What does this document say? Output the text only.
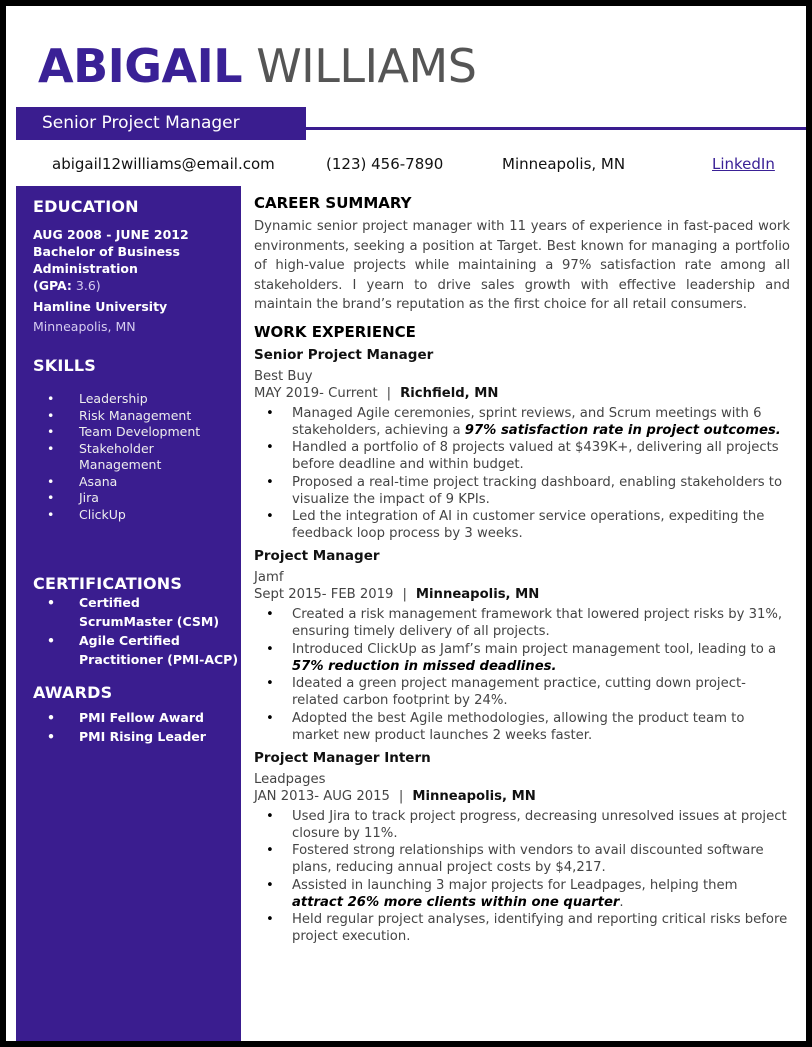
ABIGAIL WILLIAMS
Senior Project Manager
abigail12williams@email.com	(123) 456-7890	Minneapolis, MN	LinkedIn
EDUCATION
AUG 2008 - JUNE 2012
Bachelor of Business Administration
(GPA: 3.6)
Hamline University
Minneapolis, MN
SKILLS
• Leadership
• Risk Management
• Team Development
• Stakeholder Management
• Asana
• Jira
• ClickUp
CERTIFICATIONS
• Certified ScrumMaster (CSM)
• Agile Certified Practitioner (PMI-ACP)
AWARDS
• PMI Fellow Award
• PMI Rising Leader
CAREER SUMMARY
Dynamic senior project manager with 11 years of experience in fast-paced work environments, seeking a position at Target. Best known for managing a portfolio of high-value projects while maintaining a 97% satisfaction rate among all stakeholders. I yearn to drive sales growth with effective leadership and maintain the brand’s reputation as the first choice for all retail consumers.
WORK EXPERIENCE
Senior Project Manager
Best Buy
MAY 2019- Current | Richfield, MN
• Managed Agile ceremonies, sprint reviews, and Scrum meetings with 6 stakeholders, achieving a 97% satisfaction rate in project outcomes.
• Handled a portfolio of 8 projects valued at $439K+, delivering all projects before deadline and within budget.
• Proposed a real-time project tracking dashboard, enabling stakeholders to visualize the impact of 9 KPIs.
• Led the integration of AI in customer service operations, expediting the feedback loop process by 3 weeks.
Project Manager
Jamf
Sept 2015- FEB 2019 | Minneapolis, MN
• Created a risk management framework that lowered project risks by 31%, ensuring timely delivery of all projects.
• Introduced ClickUp as Jamf’s main project management tool, leading to a 57% reduction in missed deadlines.
• Ideated a green project management practice, cutting down project-related carbon footprint by 24%.
• Adopted the best Agile methodologies, allowing the product team to market new product launches 2 weeks faster.
Project Manager Intern
Leadpages
JAN 2013- AUG 2015 | Minneapolis, MN
• Used Jira to track project progress, decreasing unresolved issues at project closure by 11%.
• Fostered strong relationships with vendors to avail discounted software plans, reducing annual project costs by $4,217.
• Assisted in launching 3 major projects for Leadpages, helping them attract 26% more clients within one quarter.
• Held regular project analyses, identifying and reporting critical risks before project execution.
